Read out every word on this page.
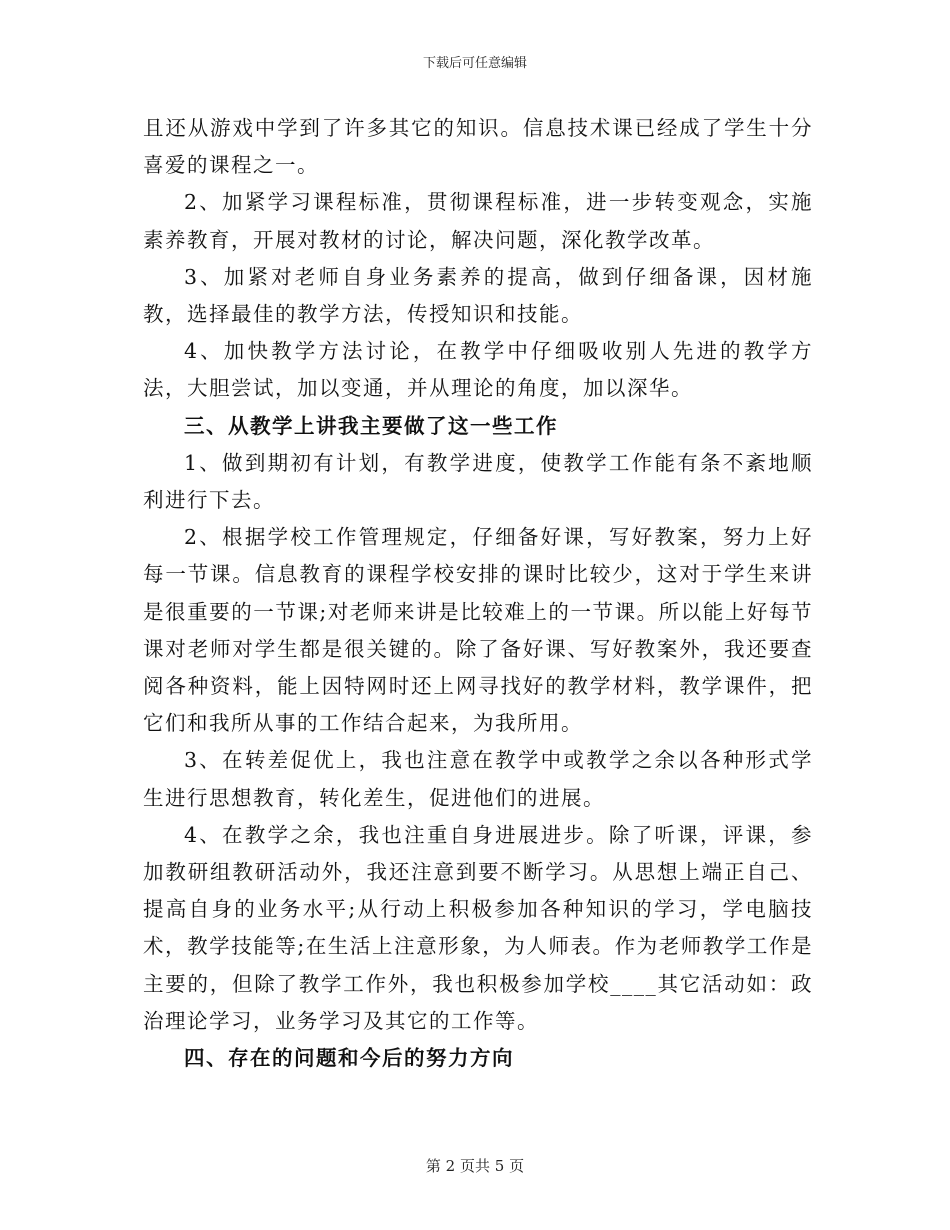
下载后可任意编辑

且还从游戏中学到了许多其它的知识。信息技术课已经成了学生十分喜爱的课程之一。

2、加紧学习课程标准，贯彻课程标准，进一步转变观念，实施素养教育，开展对教材的讨论，解决问题，深化教学改革。

3、加紧对老师自身业务素养的提高，做到仔细备课，因材施教，选择最佳的教学方法，传授知识和技能。

4、加快教学方法讨论，在教学中仔细吸收别人先进的教学方法，大胆尝试，加以变通，并从理论的角度，加以深华。

三、从教学上讲我主要做了这一些工作

1、做到期初有计划，有教学进度，使教学工作能有条不紊地顺利进行下去。

2、根据学校工作管理规定，仔细备好课，写好教案，努力上好每一节课。信息教育的课程学校安排的课时比较少，这对于学生来讲是很重要的一节课;对老师来讲是比较难上的一节课。所以能上好每节课对老师对学生都是很关键的。除了备好课、写好教案外，我还要查阅各种资料，能上因特网时还上网寻找好的教学材料，教学课件，把它们和我所从事的工作结合起来，为我所用。

3、在转差促优上，我也注意在教学中或教学之余以各种形式学生进行思想教育，转化差生，促进他们的进展。

4、在教学之余，我也注重自身进展进步。除了听课，评课，参加教研组教研活动外，我还注意到要不断学习。从思想上端正自己、提高自身的业务水平;从行动上积极参加各种知识的学习，学电脑技术，教学技能等;在生活上注意形象，为人师表。作为老师教学工作是主要的，但除了教学工作外，我也积极参加学校____其它活动如：政治理论学习，业务学习及其它的工作等。

四、存在的问题和今后的努力方向

第 2 页共 5 页
